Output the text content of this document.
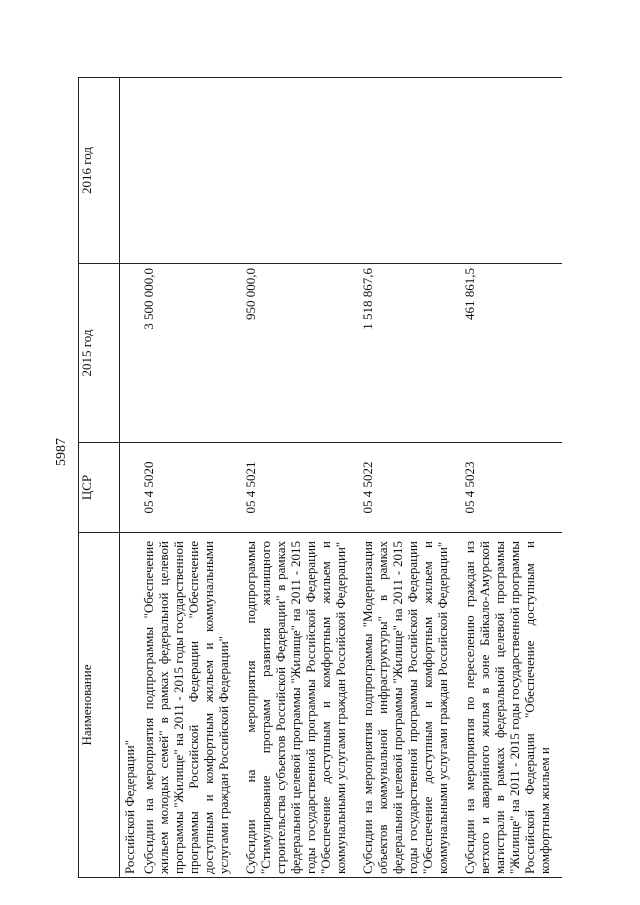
5987
Наименование	ЦСР	2015 год	2016 год
Российской Федерации"			

Субсидии на мероприятия подпрограммы "Обеспечение жильем молодых семей" в рамках федеральной целевой программы "Жилище" на 2011 - 2015 годы государственной программы Российской Федерации "Обеспечение доступным и комфортным жильем и коммунальными услугами граждан Российской Федерации"	05 4 5020	3 500 000,0	

Субсидии на мероприятия подпрограммы "Стимулирование программ развития жилищного строительства субъектов Российской Федерации" в рамках федеральной целевой программы "Жилище" на 2011 - 2015 годы государственной программы Российской Федерации "Обеспечение доступным и комфортным жильем и коммунальными услугами граждан Российской Федерации"	05 4 5021	950 000,0	

Субсидии на мероприятия подпрограммы "Модернизация объектов коммунальной инфраструктуры" в рамках федеральной целевой программы "Жилище" на 2011 - 2015 годы государственной программы Российской Федерации "Обеспечение доступным и комфортным жильем и коммунальными услугами граждан Российской Федерации"	05 4 5022	1 518 867,6	

Субсидии на мероприятия по переселению граждан из ветхого и аварийного жилья в зоне Байкало-Амурской магистрали в рамках федеральной целевой программы "Жилище" на 2011 - 2015 годы государственной программы Российской Федерации "Обеспечение доступным и комфортным жильем и	05 4 5023	461 861,5	
